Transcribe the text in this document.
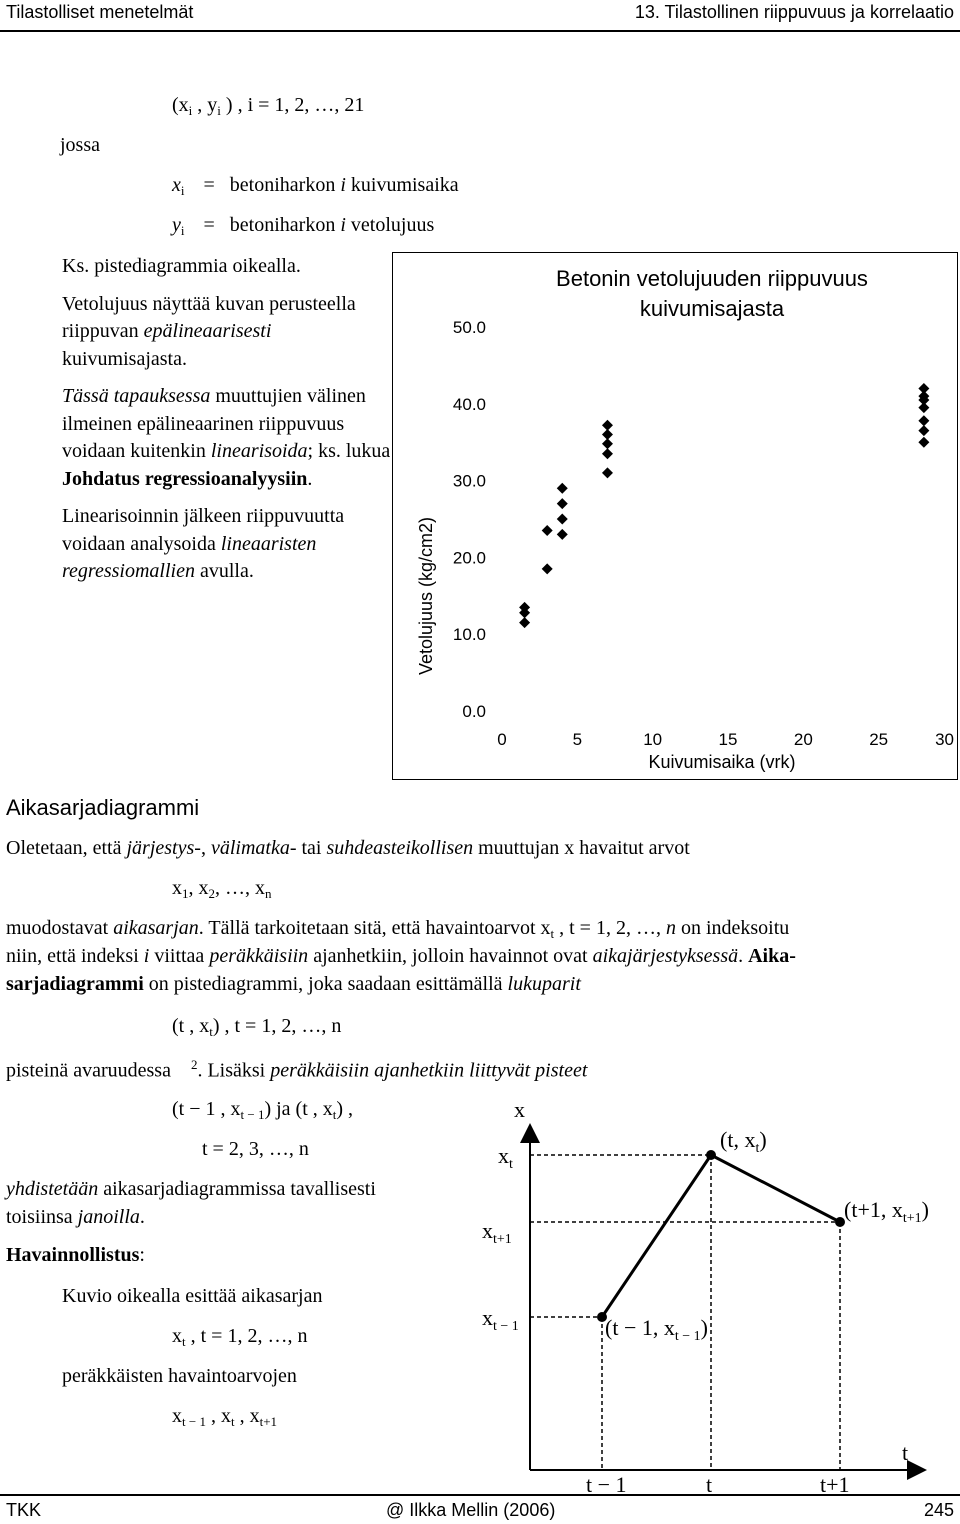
Tilastolliset menetelmät	13. Tilastollinen riippuvuus ja korrelaatio
($x_i$ , $y_i$ ) , i = 1, 2, …, 21
jossa
$x_i$ = betoniharkon i kuivumisaika
$y_i$ = betoniharkon i vetolujuus

Ks. pistediagrammia oikealla.

Vetolujuus näyttää kuvan perusteella riippuvan epälineaarisesti kuivumisajasta.

Tässä tapauksessa muuttujien välinen ilmeinen epälineaarinen riippuvuus voidaan kuitenkin linearisoida; ks. lukua Johdatus regressioanalyysiin.

Linearisoinnin jälkeen riippuvuutta voidaan analysoida lineaaristen regressiomallien avulla.

Betonin vetolujuuden riippuvuus
kuivumisajasta
Vetolujuus (kg/cm2)
Kuivumisaika (vrk)
0.0
10.0
20.0
30.0
40.0
50.0
0	5	10	15	20	25	30
Aikasarjadiagrammi
Oletetaan, että järjestys-, välimatka- tai suhdeasteikollisen muuttujan x havaitut arvot
$x_1$, $x_2$, …, $x_n$
muodostavat aikasarjan. Tällä tarkoitetaan sitä, että havaintoarvot $x_t$ , t = 1, 2, …, n on indeksoitu
niin, että indeksi i viittaa peräkkäisiin ajanhetkiin, jolloin havainnot ovat aikajärjestyksessä. Aika-
sarjadiagrammi on pistediagrammi, joka saadaan esittämällä lukuparit
(t , $x_t$) , t = 1, 2, …, n
pisteinä avaruudessa $^2$. Lisäksi peräkkäisiin ajanhetkiin liittyvät pisteet
(t − 1 , $x_{t - 1}$) ja (t , $x_t$) ,
t = 2, 3, …, n
yhdistetään aikasarjadiagrammissa tavallisesti toisiinsa janoilla.
Havainnollistus:
Kuvio oikealla esittää aikasarjan
$x_t$ , t = 1, 2, …, n
peräkkäisten havaintoarvojen
$x_{t - 1}$ , $x_t$ , $x_{t+1}$
x
t
$x_t$
$x_{t+1}$
$x_{t - 1}$
t − 1	t	t+1
(t, $x_t$)
(t+1, $x_{t+1}$)
(t − 1, $x_{t - 1}$)
TKK	@ Ilkka Mellin (2006)	245
